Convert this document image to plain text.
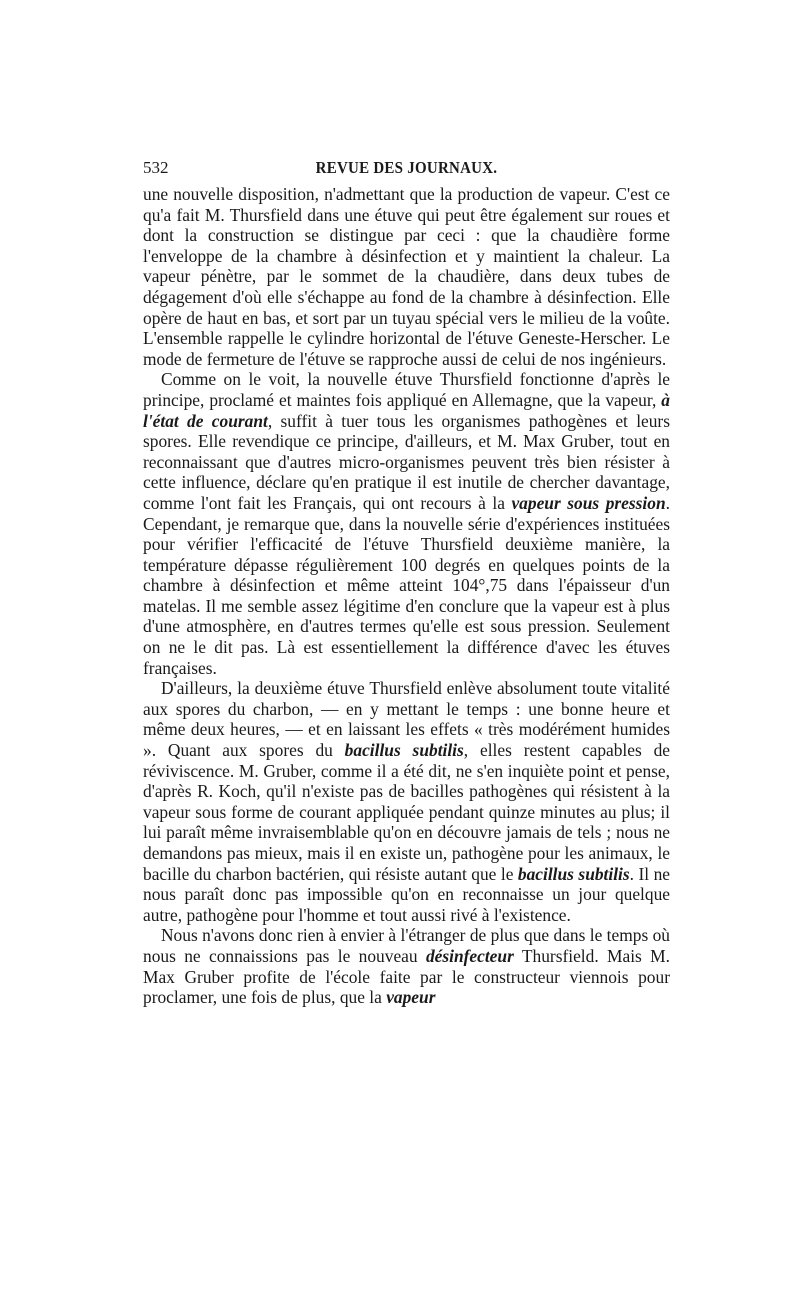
532	REVUE DES JOURNAUX.

une nouvelle disposition, n'admettant que la production de vapeur. C'est ce qu'a fait M. Thursfield dans une étuve qui peut être également sur roues et dont la construction se distingue par ceci : que la chaudière forme l'enveloppe de la chambre à désinfection et y maintient la chaleur. La vapeur pénètre, par le sommet de la chaudière, dans deux tubes de dégagement d'où elle s'échappe au fond de la chambre à désinfection. Elle opère de haut en bas, et sort par un tuyau spécial vers le milieu de la voûte. L'ensemble rappelle le cylindre horizontal de l'étuve Geneste-Herscher. Le mode de fermeture de l'étuve se rapproche aussi de celui de nos ingénieurs.

Comme on le voit, la nouvelle étuve Thursfield fonctionne d'après le principe, proclamé et maintes fois appliqué en Allemagne, que la vapeur, à l'état de courant, suffit à tuer tous les organismes pathogènes et leurs spores. Elle revendique ce principe, d'ailleurs, et M. Max Gruber, tout en reconnaissant que d'autres micro-organismes peuvent très bien résister à cette influence, déclare qu'en pratique il est inutile de chercher davantage, comme l'ont fait les Français, qui ont recours à la vapeur sous pression. Cependant, je remarque que, dans la nouvelle série d'expériences instituées pour vérifier l'efficacité de l'étuve Thursfield deuxième manière, la température dépasse régulièrement 100 degrés en quelques points de la chambre à désinfection et même atteint 104°,75 dans l'épaisseur d'un matelas. Il me semble assez légitime d'en conclure que la vapeur est à plus d'une atmosphère, en d'autres termes qu'elle est sous pression. Seulement on ne le dit pas. Là est essentiellement la différence d'avec les étuves françaises.

D'ailleurs, la deuxième étuve Thursfield enlève absolument toute vitalité aux spores du charbon, — en y mettant le temps : une bonne heure et même deux heures, — et en laissant les effets « très modérément humides ». Quant aux spores du bacillus subtilis, elles restent capables de réviviscence. M. Gruber, comme il a été dit, ne s'en inquiète point et pense, d'après R. Koch, qu'il n'existe pas de bacilles pathogènes qui résistent à la vapeur sous forme de courant appliquée pendant quinze minutes au plus; il lui paraît même invraisemblable qu'on en découvre jamais de tels ; nous ne demandons pas mieux, mais il en existe un, pathogène pour les animaux, le bacille du charbon bactérien, qui résiste autant que le bacillus subtilis. Il ne nous paraît donc pas impossible qu'on en reconnaisse un jour quelque autre, pathogène pour l'homme et tout aussi rivé à l'existence.

Nous n'avons donc rien à envier à l'étranger de plus que dans le temps où nous ne connaissions pas le nouveau désinfecteur Thursfield. Mais M. Max Gruber profite de l'école faite par le constructeur viennois pour proclamer, une fois de plus, que la vapeur
